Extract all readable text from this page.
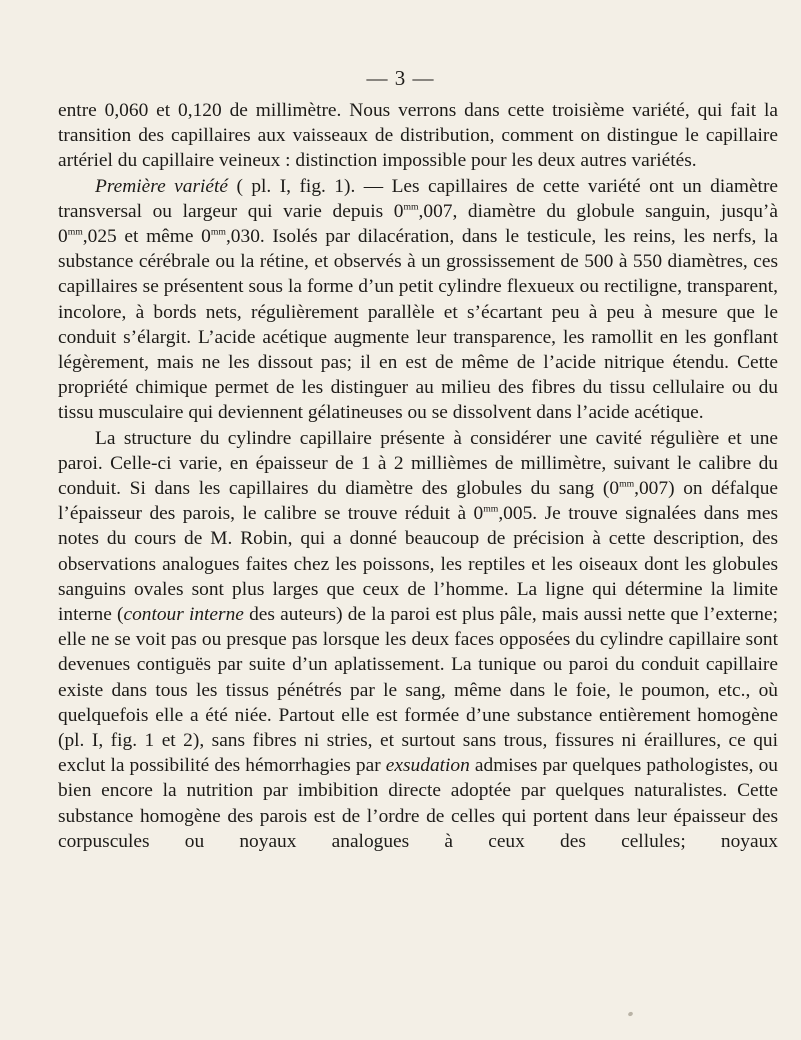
— 3 —

entre 0,060 et 0,120 de millimètre. Nous verrons dans cette troisième variété, qui fait la transition des capillaires aux vaisseaux de distribution, comment on distingue le capillaire artériel du capillaire veineux : distinction impossible pour les deux autres variétés.

Première variété ( pl. I, fig. 1). — Les capillaires de cette variété ont un diamètre transversal ou largeur qui varie depuis $0^{mm},007$, diamètre du globule sanguin, jusqu’à $0^{mm},025$ et même $0^{mm},030$. Isolés par dilacération, dans le testicule, les reins, les nerfs, la substance cérébrale ou la rétine, et observés à un grossissement de 500 à 550 diamètres, ces capillaires se présentent sous la forme d’un petit cylindre flexueux ou rectiligne, transparent, incolore, à bords nets, régulièrement parallèle et s’écartant peu à peu à mesure que le conduit s’élargit. L’acide acétique augmente leur transparence, les ramollit en les gonflant légèrement, mais ne les dissout pas; il en est de même de l’acide nitrique étendu. Cette propriété chimique permet de les distinguer au milieu des fibres du tissu cellulaire ou du tissu musculaire qui deviennent gélatineuses ou se dissolvent dans l’acide acétique.

La structure du cylindre capillaire présente à considérer une cavité régulière et une paroi. Celle-ci varie, en épaisseur de 1 à 2 millièmes de millimètre, suivant le calibre du conduit. Si dans les capillaires du diamètre des globules du sang $(0^{mm},007)$ on défalque l’épaisseur des parois, le calibre se trouve réduit à $0^{mm},005$. Je trouve signalées dans mes notes du cours de M. Robin, qui a donné beaucoup de précision à cette description, des observations analogues faites chez les poissons, les reptiles et les oiseaux dont les globules sanguins ovales sont plus larges que ceux de l’homme. La ligne qui détermine la limite interne (contour interne des auteurs) de la paroi est plus pâle, mais aussi nette que l’externe; elle ne se voit pas ou presque pas lorsque les deux faces opposées du cylindre capillaire sont devenues contiguës par suite d’un aplatissement. La tunique ou paroi du conduit capillaire existe dans tous les tissus pénétrés par le sang, même dans le foie, le poumon, etc., où quelquefois elle a été niée. Partout elle est formée d’une substance entièrement homogène (pl. I, fig. 1 et 2), sans fibres ni stries, et surtout sans trous, fissures ni éraillures, ce qui exclut la possibilité des hémorrhagies par exsudation admises par quelques pathologistes, ou bien encore la nutrition par imbibition directe adoptée par quelques naturalistes. Cette substance homogène des parois est de l’ordre de celles qui portent dans leur épaisseur des corpuscules ou noyaux analogues à ceux des cellules; noyaux
